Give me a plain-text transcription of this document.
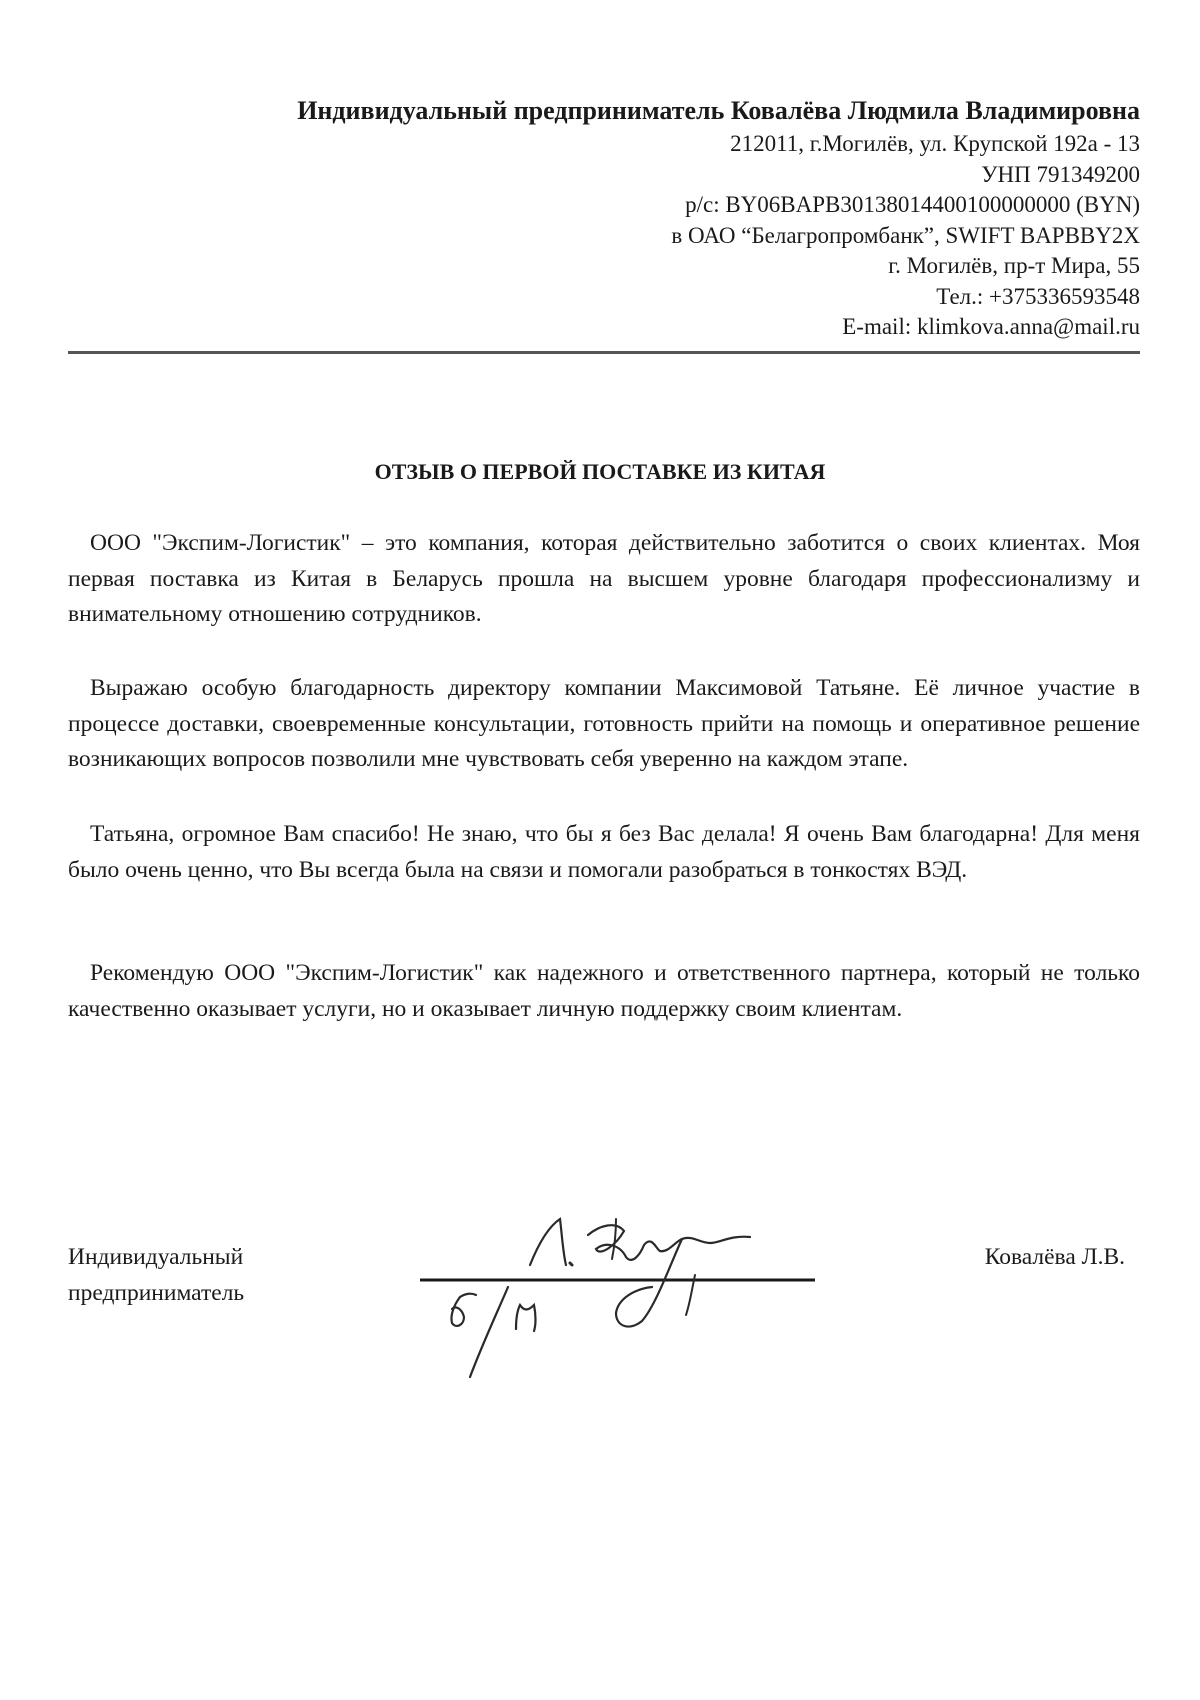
Индивидуальный предприниматель Ковалёва Людмила Владимировна
212011, г.Могилёв, ул. Крупской 192а - 13
УНП 791349200
р/с: BY06BAPB30138014400100000000 (BYN)
в ОАО “Белагропромбанк”, SWIFT BAPBBY2X
г. Могилёв, пр-т Мира, 55
Тел.: +375336593548
E-mail: klimkova.anna@mail.ru
ОТЗЫВ О ПЕРВОЙ ПОСТАВКЕ ИЗ КИТАЯ

ООО "Экспим-Логистик" – это компания, которая действительно заботится о своих клиентах. Моя первая поставка из Китая в Беларусь прошла на высшем уровне благодаря профессионализму и внимательному отношению сотрудников.

Выражаю особую благодарность директору компании Максимовой Татьяне. Её личное участие в процессе доставки, своевременные консультации, готовность прийти на помощь и оперативное решение возникающих вопросов позволили мне чувствовать себя уверенно на каждом этапе.

Татьяна, огромное Вам спасибо! Не знаю, что бы я без Вас делала! Я очень Вам благодарна! Для меня было очень ценно, что Вы всегда была на связи и помогали разобраться в тонкостях ВЭД.

Рекомендую ООО "Экспим-Логистик" как надежного и ответственного партнера, который не только качественно оказывает услуги, но и оказывает личную поддержку своим клиентам.

Индивидуальный
предприниматель
Ковалёва Л.В.
